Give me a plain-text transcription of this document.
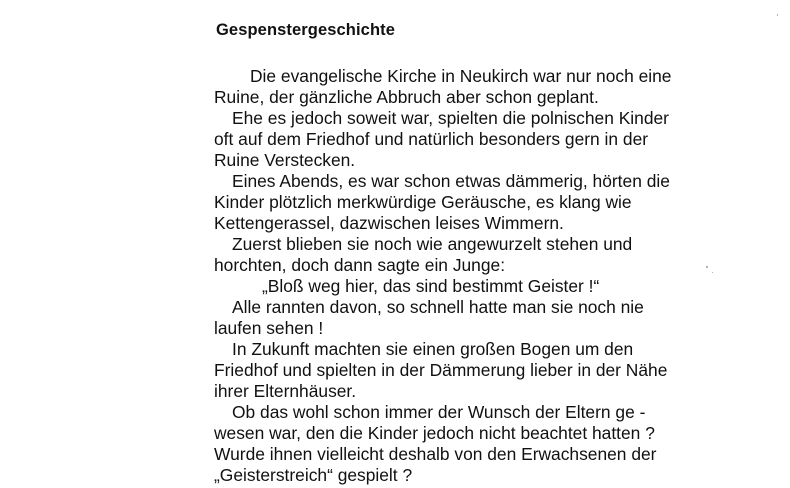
Gespenstergeschichte
Die evangelische Kirche in Neukirch war nur noch eine
Ruine, der gänzliche Abbruch aber schon geplant.
Ehe es jedoch soweit war, spielten die polnischen Kinder
oft auf dem Friedhof und natürlich besonders gern in der
Ruine Verstecken.
Eines Abends, es war schon etwas dämmerig, hörten die
Kinder plötzlich merkwürdige Geräusche, es klang wie
Kettengerassel, dazwischen leises Wimmern.
Zuerst blieben sie noch wie angewurzelt stehen und
horchten, doch dann sagte ein Junge:
„Bloß weg hier, das sind bestimmt Geister !“
Alle rannten davon, so schnell hatte man sie noch nie
laufen sehen !
In Zukunft machten sie einen großen Bogen um den
Friedhof und spielten in der Dämmerung lieber in der Nähe
ihrer Elternhäuser.
Ob das wohl schon immer der Wunsch der Eltern ge -
wesen war, den die Kinder jedoch nicht beachtet hatten ?
Wurde ihnen vielleicht deshalb von den Erwachsenen der
„Geisterstreich“ gespielt ?
